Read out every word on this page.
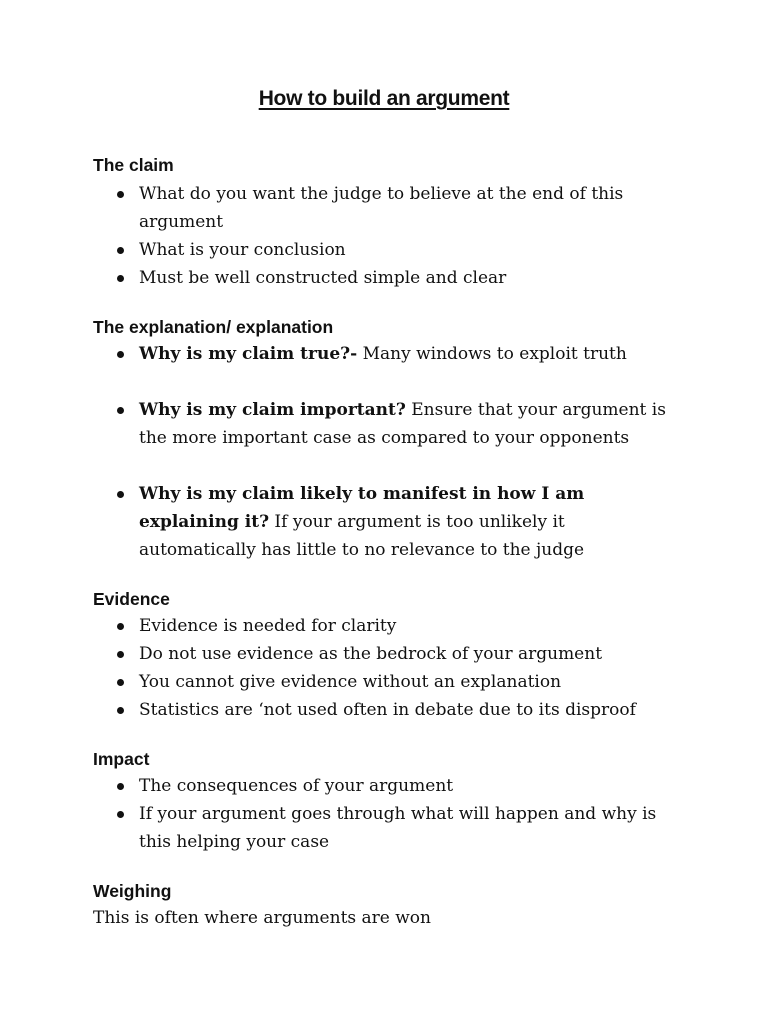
How to build an argument
The claim
What do you want the judge to believe at the end of this argument
What is your conclusion
Must be well constructed simple and clear
The explanation/ explanation
Why is my claim true?- Many windows to exploit truth
Why is my claim important? Ensure that your argument is the more important case as compared to your opponents
Why is my claim likely to manifest in how I am explaining it? If your argument is too unlikely it automatically has little to no relevance to the judge
Evidence
Evidence is needed for clarity
Do not use evidence as the bedrock of your argument
You cannot give evidence without an explanation
Statistics are ‘not used often in debate due to its disproof
Impact
The consequences of your argument
If your argument goes through what will happen and why is this helping your case
Weighing
This is often where arguments are won
